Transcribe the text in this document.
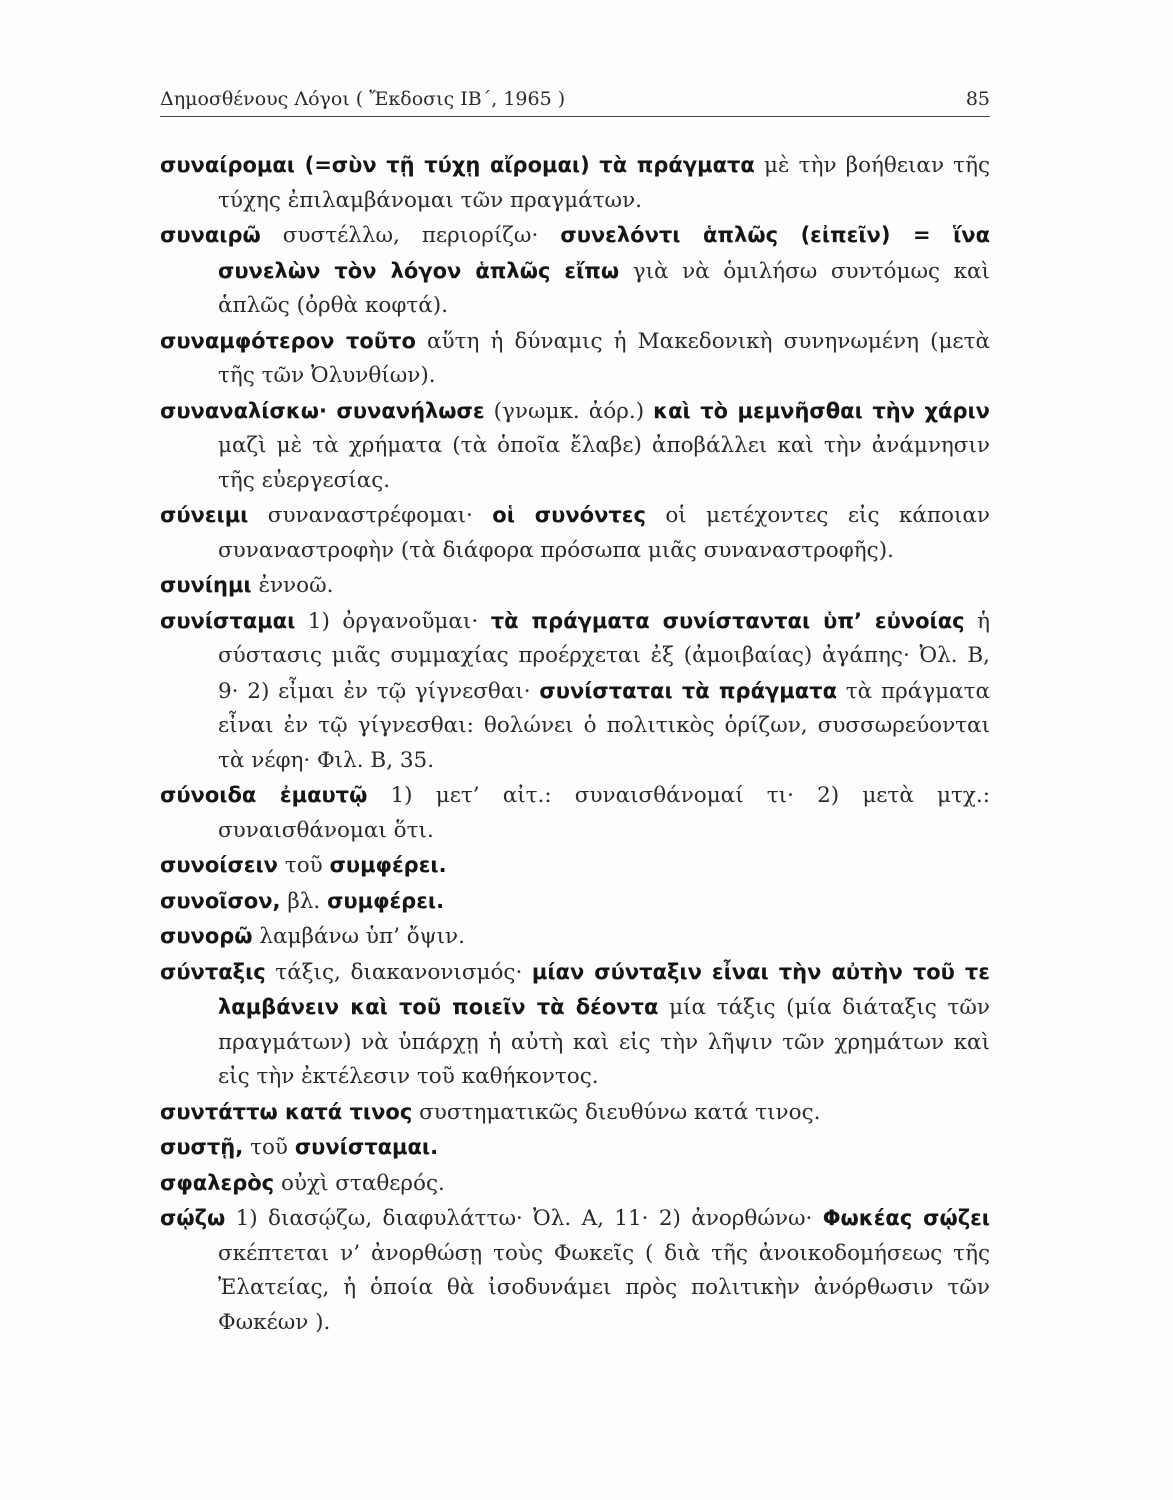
Δημοσθένους Λόγοι ( Ἔκδοσις ΙΒ΄, 1965 )	85

συναίρομαι (=σὺν τῇ τύχῃ αἴρομαι) τὰ πράγματα μὲ τὴν βοήθειαν τῆς τύχης ἐπιλαμβάνομαι τῶν πραγμάτων.

συναιρῶ συστέλλω, περιορίζω· συνελόντι ἁπλῶς (εἰπεῖν) = ἵνα συνελὼν τὸν λόγον ἁπλῶς εἴπω γιὰ νὰ ὁμιλήσω συντόμως καὶ ἁπλῶς (ὀρθὰ κοφτά).

συναμφότερον τοῦτο αὕτη ἡ δύναμις ἡ Μακεδονικὴ συνηνωμένη (μετὰ τῆς τῶν Ὀλυνθίων).

συναναλίσκω· συνανήλωσε (γνωμκ. ἀόρ.) καὶ τὸ μεμνῆσθαι τὴν χάριν μαζὶ μὲ τὰ χρήματα (τὰ ὁποῖα ἔλαβε) ἀποβάλλει καὶ τὴν ἀνάμνησιν τῆς εὐεργεσίας.

σύνειμι συναναστρέφομαι· οἱ συνόντες οἱ μετέχοντες εἰς κάποιαν συναναστροφὴν (τὰ διάφορα πρόσωπα μιᾶς συναναστροφῆς).

συνίημι ἐννοῶ.

συνίσταμαι 1) ὀργανοῦμαι· τὰ πράγματα συνίστανται ὑπ’ εὐνοίας ἡ σύστασις μιᾶς συμμαχίας προέρχεται ἐξ (ἀμοιβαίας) ἀγάπης· Ὀλ. Β, 9· 2) εἶμαι ἐν τῷ γίγνεσθαι· συνίσταται τὰ πράγματα τὰ πράγματα εἶναι ἐν τῷ γίγνεσθαι: θολώνει ὁ πολιτικὸς ὁρίζων, συσσωρεύονται τὰ νέφη· Φιλ. Β, 35.

σύνοιδα ἐμαυτῷ 1) μετ’ αἰτ.: συναισθάνομαί τι· 2) μετὰ μτχ.: συναισθάνομαι ὅτι.

συνοίσειν τοῦ συμφέρει.

συνοῖσον, βλ. συμφέρει.

συνορῶ λαμβάνω ὑπ’ ὄψιν.

σύνταξις τάξις, διακανονισμός· μίαν σύνταξιν εἶναι τὴν αὐτὴν τοῦ τε λαμβάνειν καὶ τοῦ ποιεῖν τὰ δέοντα μία τάξις (μία διάταξις τῶν πραγμάτων) νὰ ὑπάρχῃ ἡ αὐτὴ καὶ εἰς τὴν λῆψιν τῶν χρημάτων καὶ εἰς τὴν ἐκτέλεσιν τοῦ καθήκοντος.

συντάττω κατά τινος συστηματικῶς διευθύνω κατά τινος.

συστῇ, τοῦ συνίσταμαι.

σφαλερὸς οὐχὶ σταθερός.

σῴζω 1) διασῴζω, διαφυλάττω· Ὀλ. Α, 11· 2) ἀνορθώνω· Φωκέας σῴζει σκέπτεται ν’ ἀνορθώσῃ τοὺς Φωκεῖς ( διὰ τῆς ἀνοικοδομήσεως τῆς Ἐλατείας, ἡ ὁποία θὰ ἰσοδυνάμει πρὸς πολιτικὴν ἀνόρθωσιν τῶν Φωκέων ).
